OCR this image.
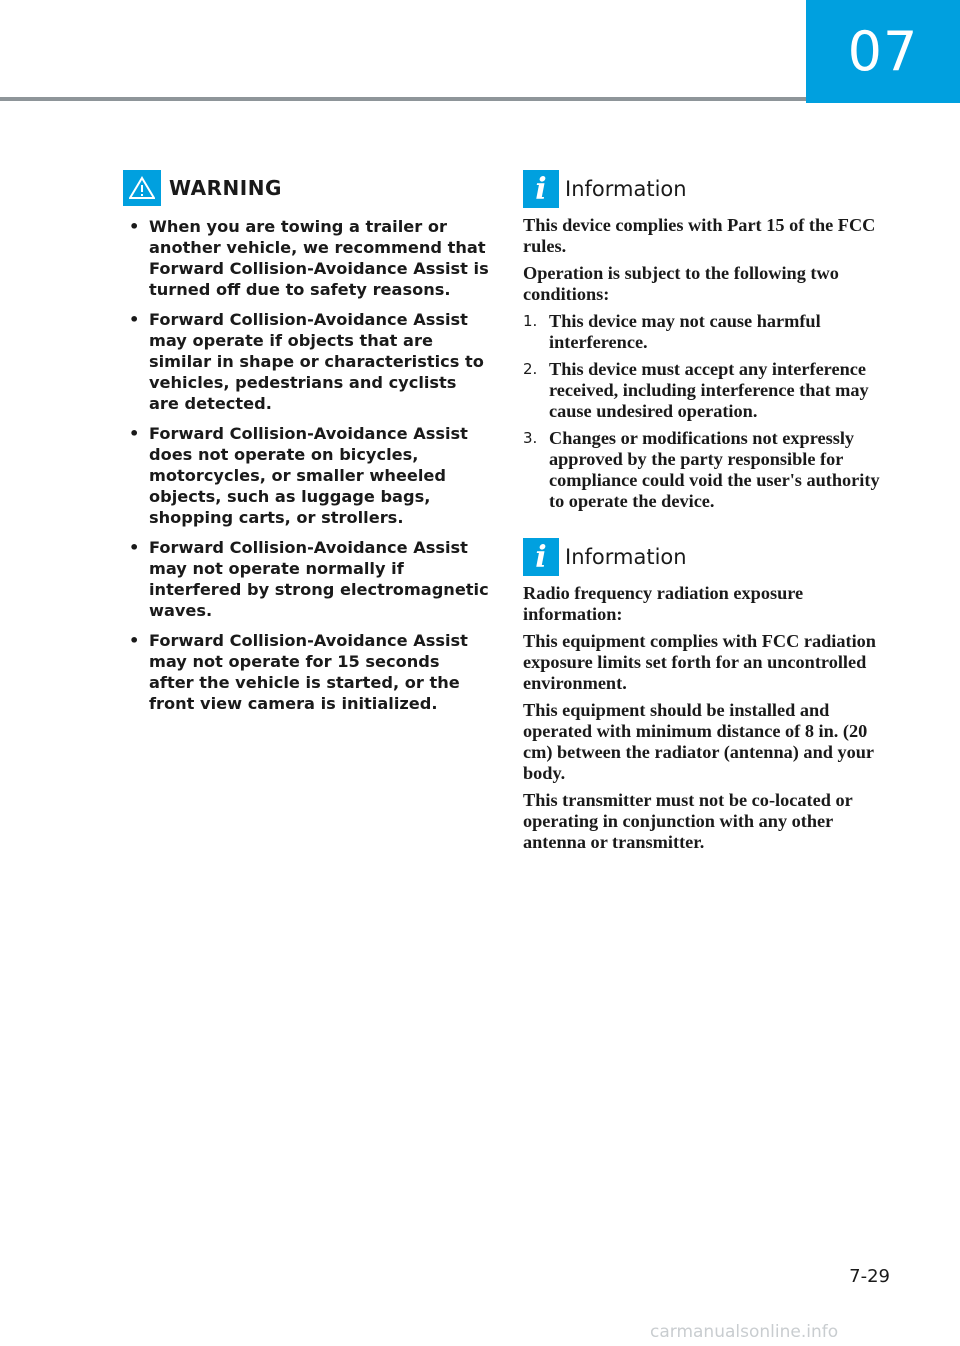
07
WARNING
• When you are towing a trailer or another vehicle, we recommend that Forward Collision-Avoidance Assist is turned off due to safety reasons.
• Forward Collision-Avoidance Assist may operate if objects that are similar in shape or characteristics to vehicles, pedestrians and cyclists are detected.
• Forward Collision-Avoidance Assist does not operate on bicycles, motorcycles, or smaller wheeled objects, such as luggage bags, shopping carts, or strollers.
• Forward Collision-Avoidance Assist may not operate normally if interfered by strong electromagnetic waves.
• Forward Collision-Avoidance Assist may not operate for 15 seconds after the vehicle is started, or the front view camera is initialized.
i Information

This device complies with Part 15 of the FCC rules.

Operation is subject to the following two conditions:

1. This device may not cause harmful interference.
2. This device must accept any interference received, including interference that may cause undesired operation.
3. Changes or modifications not expressly approved by the party responsible for compliance could void the user's authority to operate the device.
i Information

Radio frequency radiation exposure information:

This equipment complies with FCC radiation exposure limits set forth for an uncontrolled environment.

This equipment should be installed and operated with minimum distance of 8 in. (20 cm) between the radiator (antenna) and your body.

This transmitter must not be co-located or operating in conjunction with any other antenna or transmitter.

7-29
carmanualsonline.info
